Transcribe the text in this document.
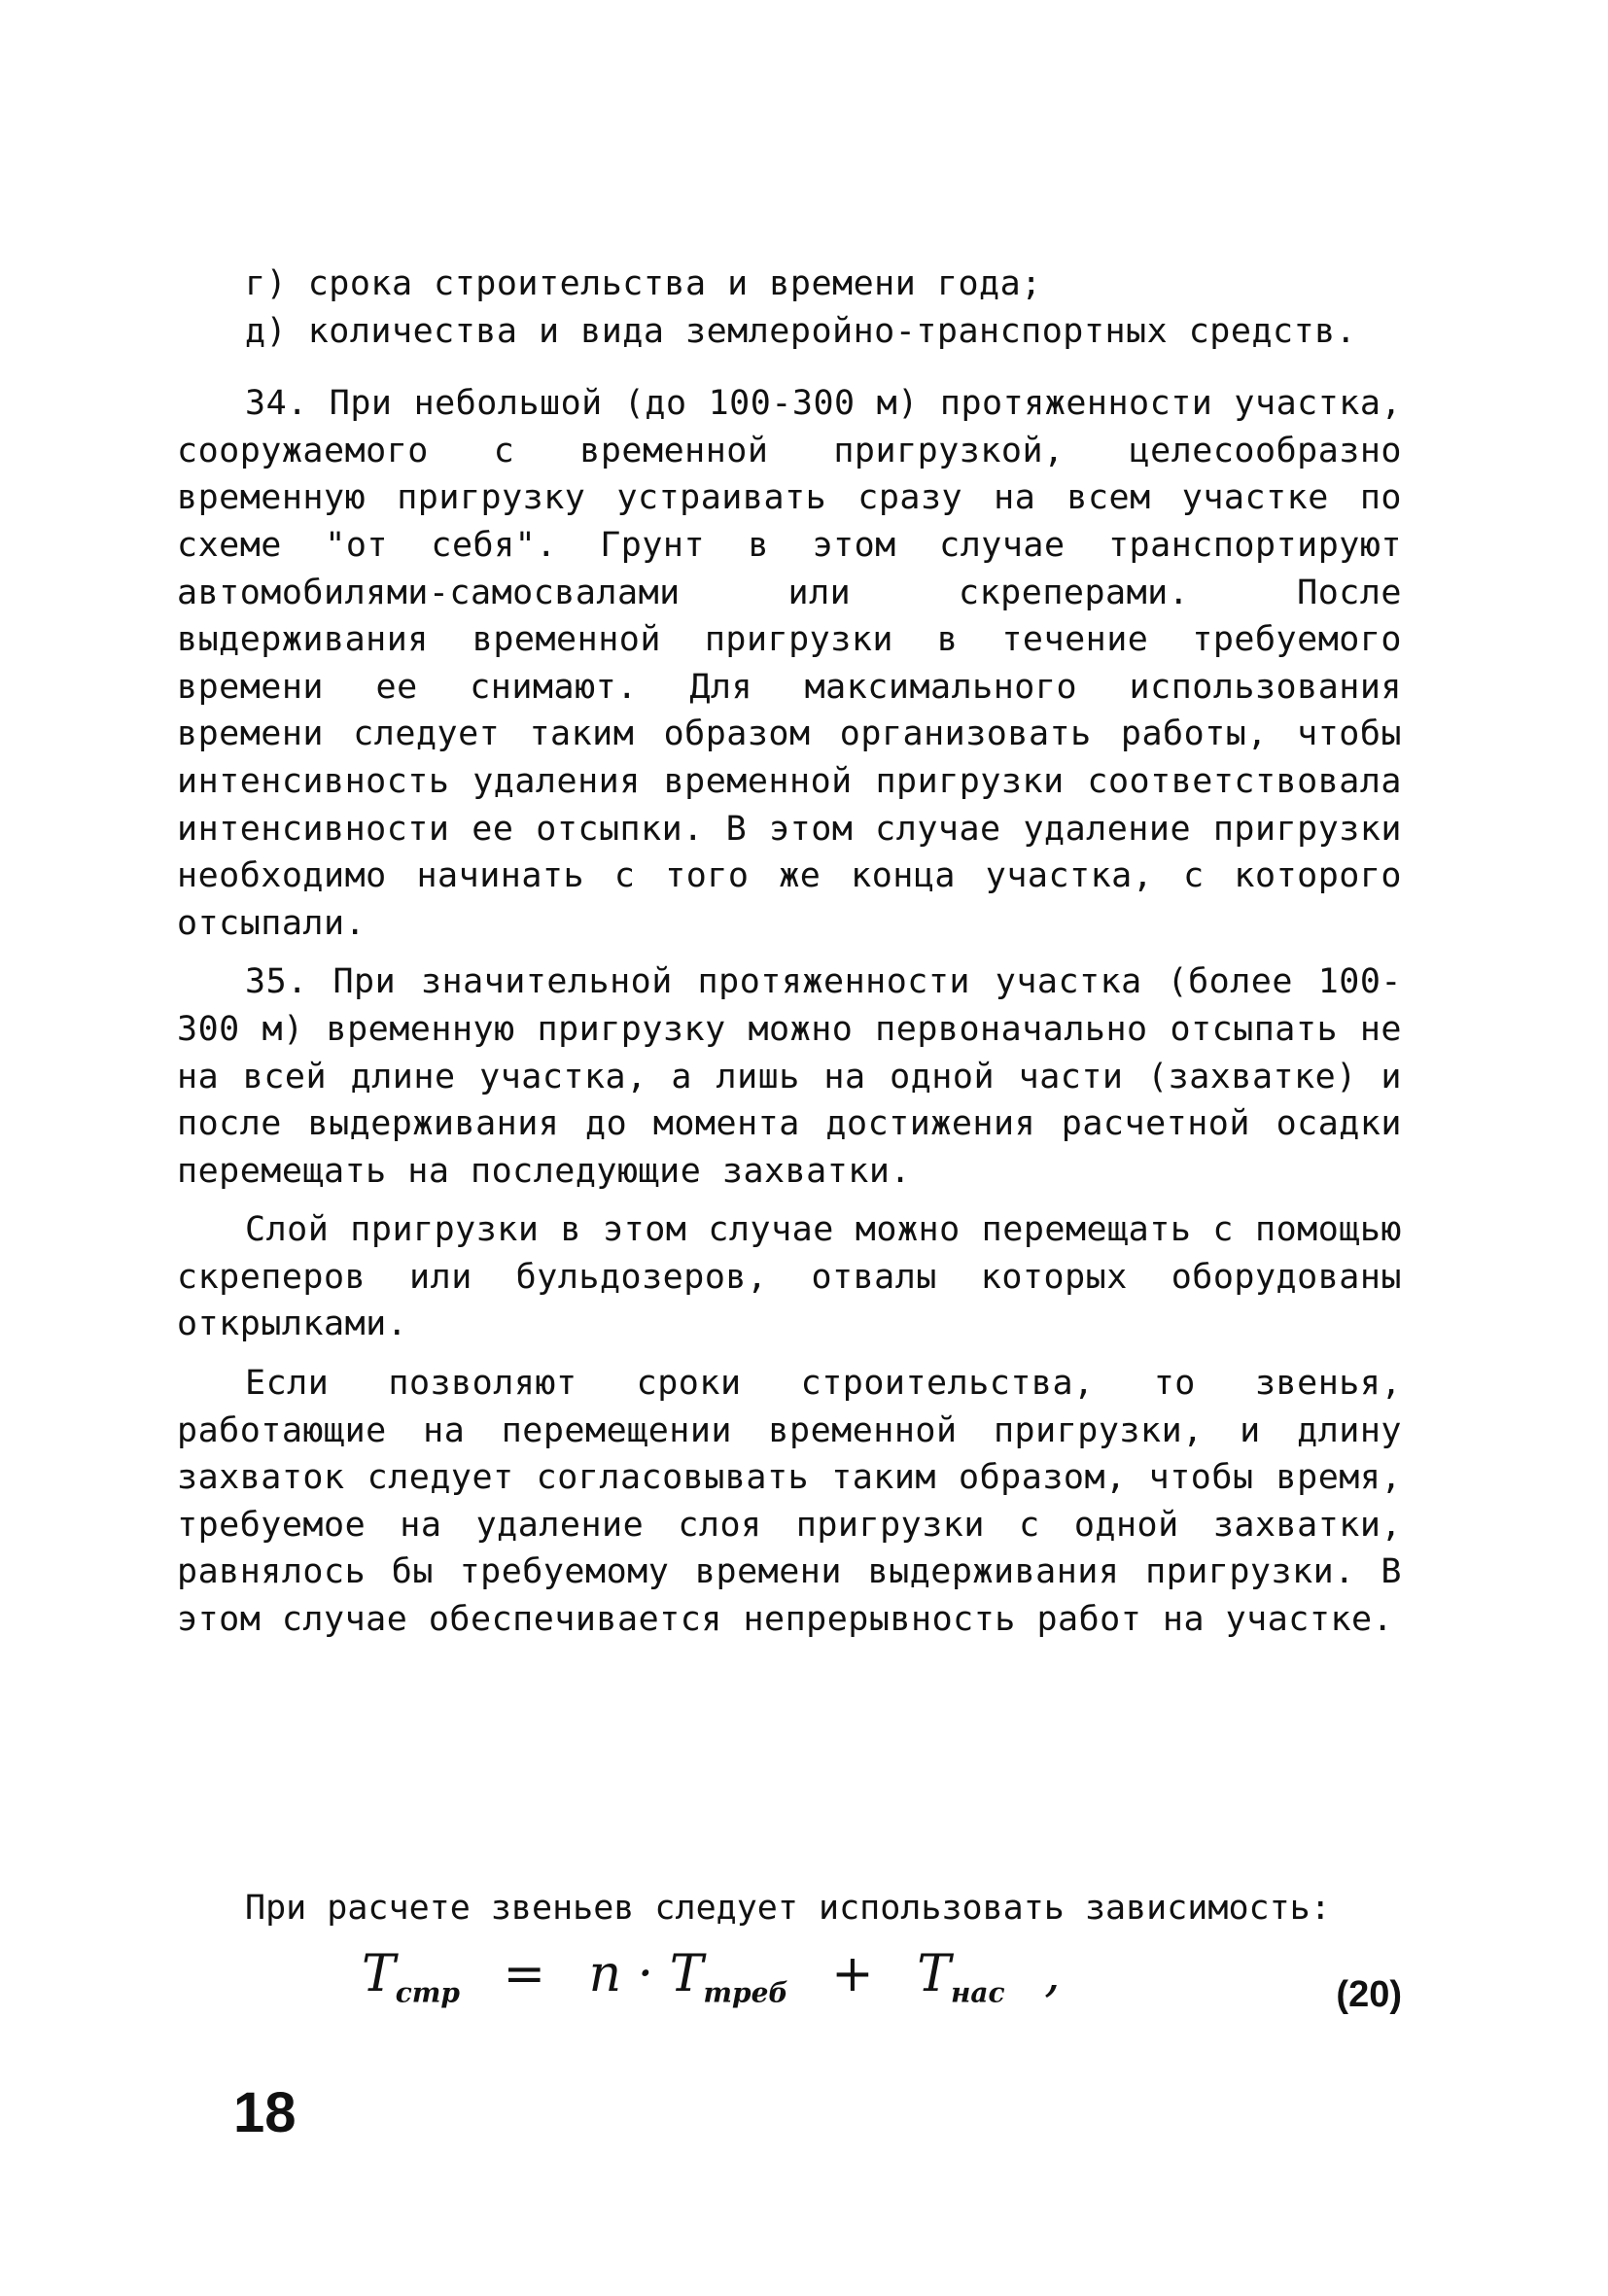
г) срока строительства и времени года;

д) количества и вида землеройно-транспортных средств.

34. При небольшой (до 100-300 м) протяженности участка, сооружаемого с временной пригрузкой, целесообразно временную пригрузку устраивать сразу на всем участке по схеме "от себя". Грунт в этом случае транспортируют автомобилями-самосвалами или скреперами. После выдерживания временной пригрузки в течение требуемого времени ее снимают. Для максимального использования времени следует таким образом организовать работы, чтобы интенсивность удаления временной пригрузки соответствовала интенсивности ее отсыпки. В этом случае удаление пригрузки необходимо начинать с того же конца участка, с которого отсыпали.

35. При значительной протяженности участка (более 100-300 м) временную пригрузку можно первоначально отсыпать не на всей длине участка, а лишь на одной части (захватке) и после выдерживания до момента достижения расчетной осадки перемещать на последующие захватки.

Слой пригрузки в этом случае можно перемещать с помощью скреперов или бульдозеров, отвалы которых оборудованы открылками.

Если позволяют сроки строительства, то звенья, работающие на перемещении временной пригрузки, и длину захваток следует согласовывать таким образом, чтобы время, требуемое на удаление слоя пригрузки с одной захватки, равнялось бы требуемому времени выдерживания пригрузки. В этом случае обеспечивается непрерывность работ на участке.

При расчете звеньев следует использовать зависимость:

$T_{стр} = n \cdot T_{треб} + T_{нас}$ ,	(20)
18
